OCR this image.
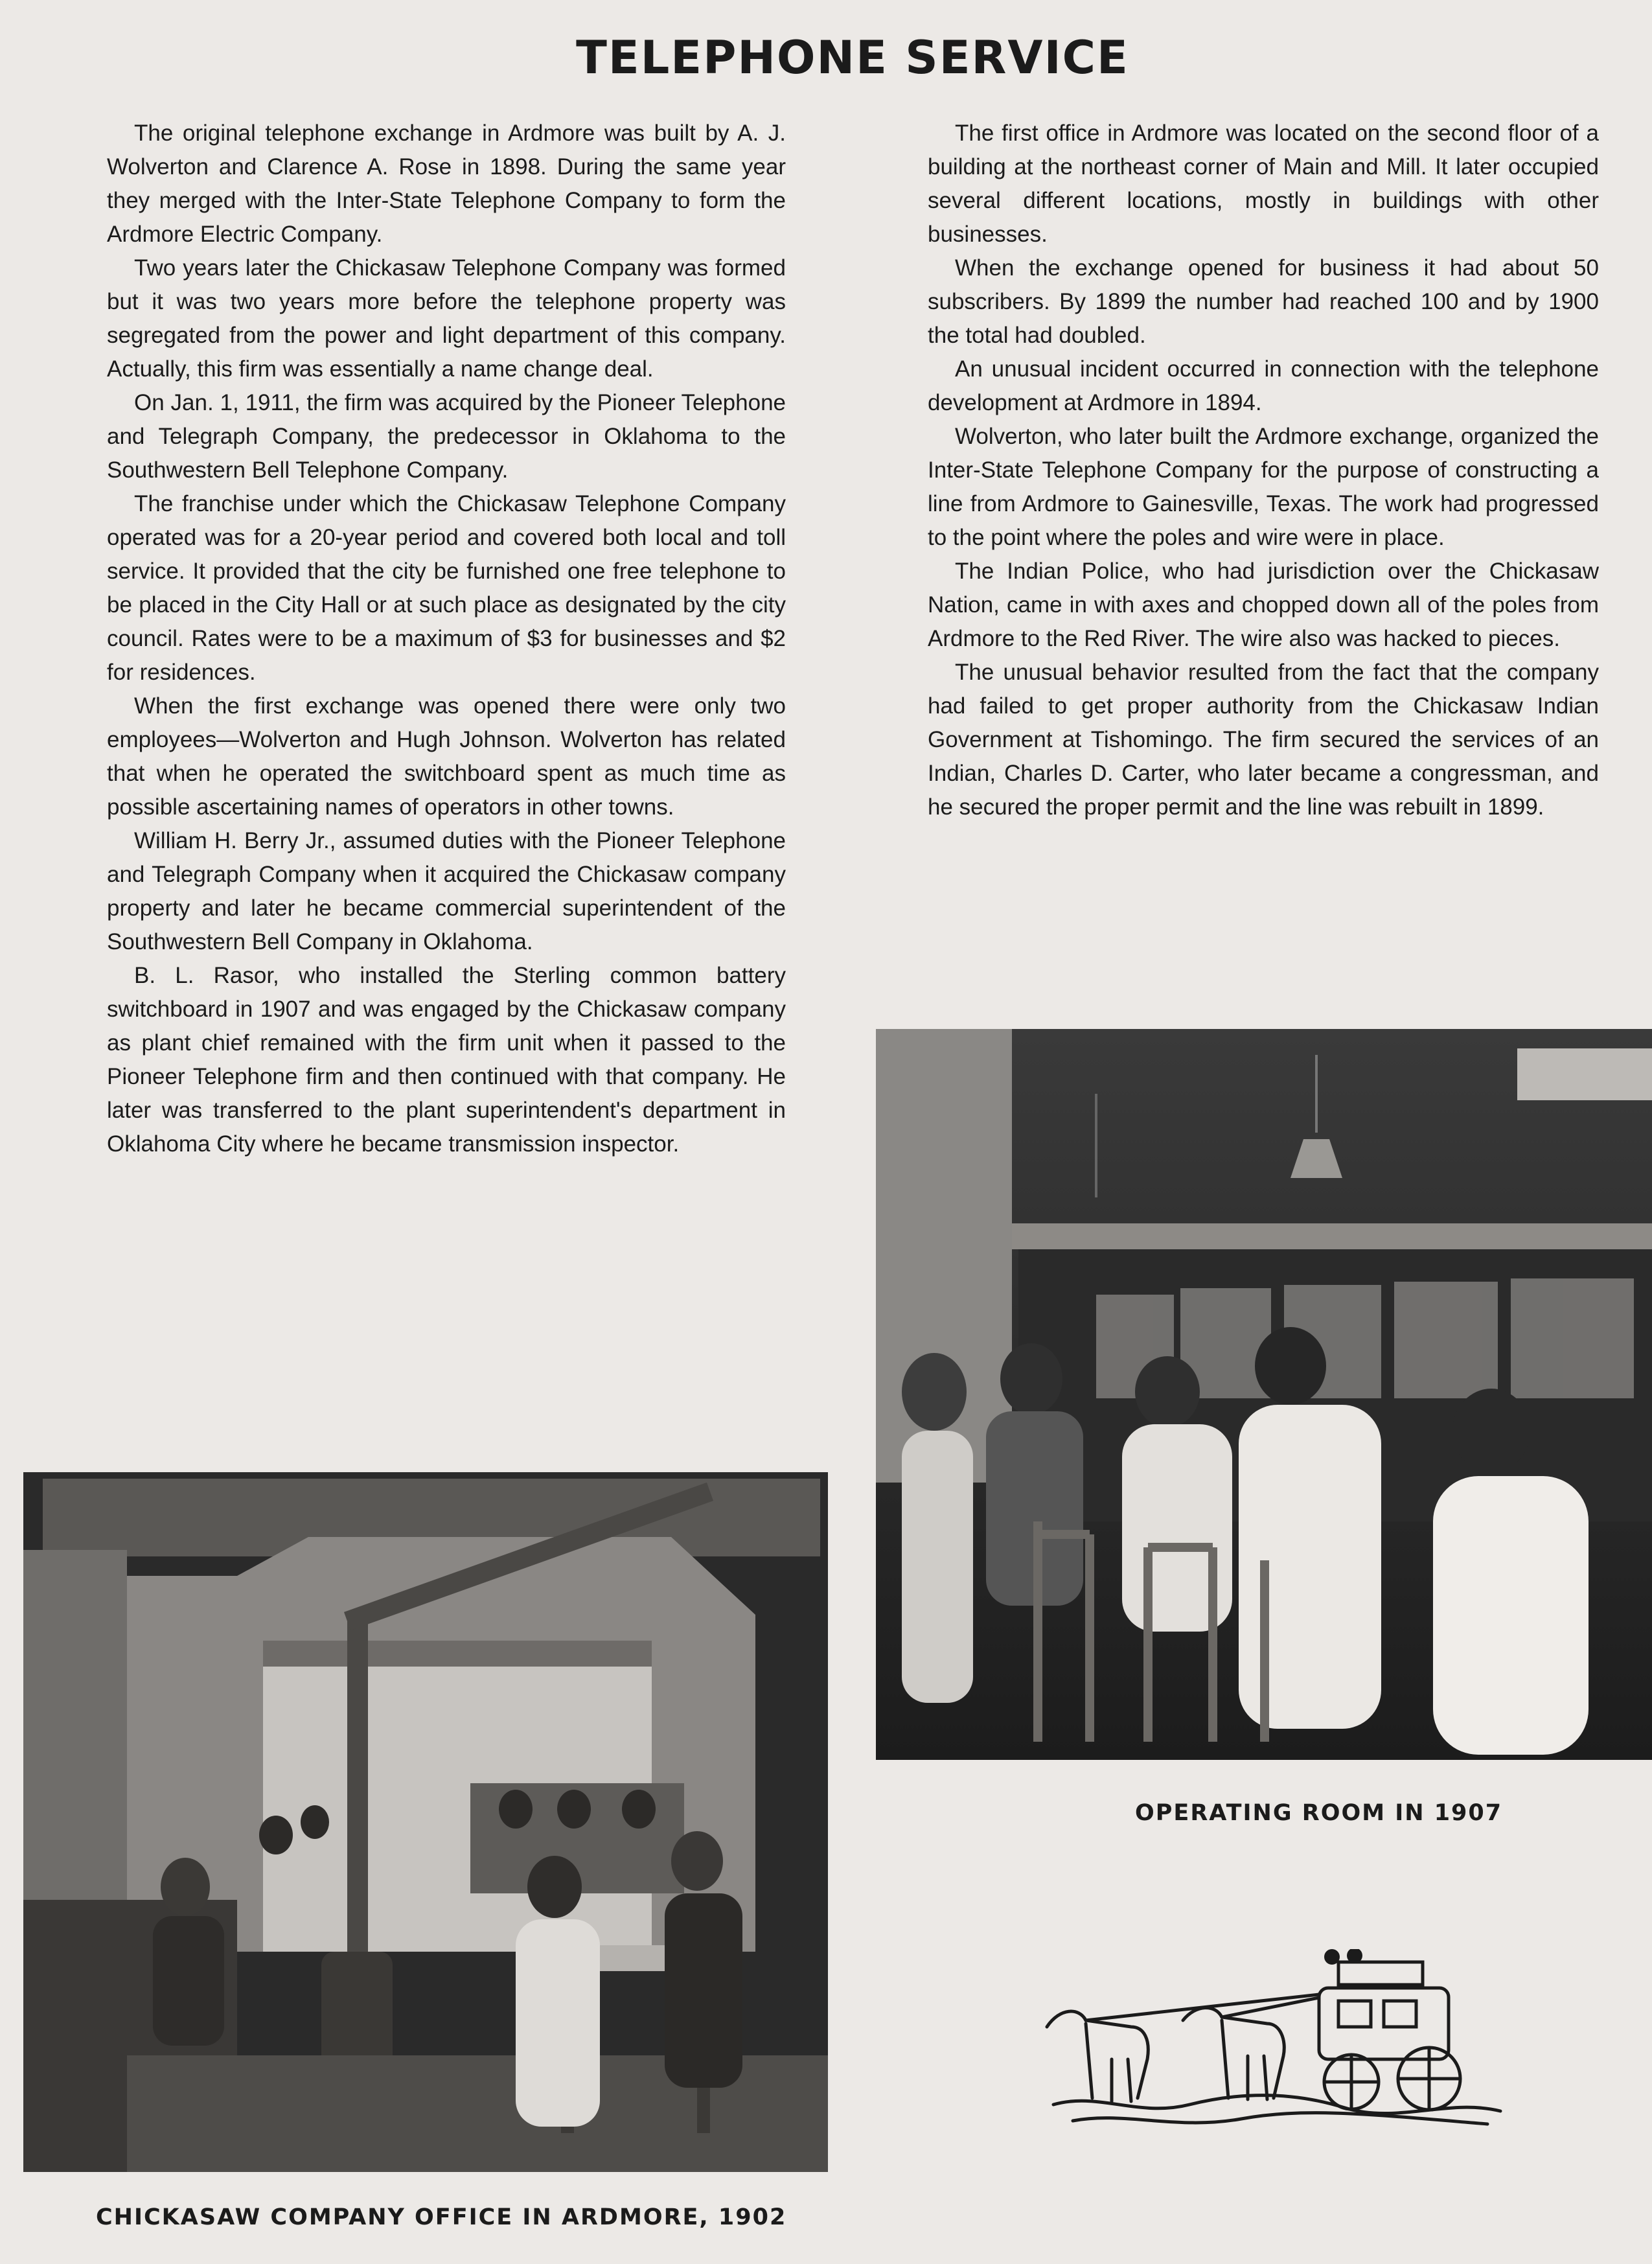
TELEPHONE SERVICE

The original telephone exchange in Ardmore was built by A. J. Wolverton and Clarence A. Rose in 1898. During the same year they merged with the Inter-State Telephone Company to form the Ardmore Electric Company.

Two years later the Chickasaw Telephone Company was formed but it was two years more before the telephone property was segregated from the power and light department of this company. Actually, this firm was essentially a name change deal.

On Jan. 1, 1911, the firm was acquired by the Pioneer Telephone and Telegraph Company, the predecessor in Oklahoma to the Southwestern Bell Telephone Company.

The franchise under which the Chickasaw Telephone Company operated was for a 20-year period and covered both local and toll service. It provided that the city be furnished one free telephone to be placed in the City Hall or at such place as designated by the city council. Rates were to be a maximum of $3 for businesses and $2 for residences.

When the first exchange was opened there were only two employees—Wolverton and Hugh Johnson. Wolverton has related that when he operated the switchboard spent as much time as possible ascertaining names of operators in other towns.

William H. Berry Jr., assumed duties with the Pioneer Telephone and Telegraph Company when it acquired the Chickasaw company property and later he became commercial superintendent of the Southwestern Bell Company in Oklahoma.

B. L. Rasor, who installed the Sterling common battery switchboard in 1907 and was engaged by the Chickasaw company as plant chief remained with the firm unit when it passed to the Pioneer Telephone firm and then continued with that company. He later was transferred to the plant superintendent's department in Oklahoma City where he became transmission inspector.

The first office in Ardmore was located on the second floor of a building at the northeast corner of Main and Mill. It later occupied several different locations, mostly in buildings with other businesses.

When the exchange opened for business it had about 50 subscribers. By 1899 the number had reached 100 and by 1900 the total had doubled.

An unusual incident occurred in connection with the telephone development at Ardmore in 1894.

Wolverton, who later built the Ardmore exchange, organized the Inter-State Telephone Company for the purpose of constructing a line from Ardmore to Gainesville, Texas. The work had progressed to the point where the poles and wire were in place.

The Indian Police, who had jurisdiction over the Chickasaw Nation, came in with axes and chopped down all of the poles from Ardmore to the Red River. The wire also was hacked to pieces.

The unusual behavior resulted from the fact that the company had failed to get proper authority from the Chickasaw Indian Government at Tishomingo. The firm secured the services of an Indian, Charles D. Carter, who later became a congressman, and he secured the proper permit and the line was rebuilt in 1899.

OPERATING ROOM IN 1907
CHICKASAW COMPANY OFFICE IN ARDMORE, 1902
